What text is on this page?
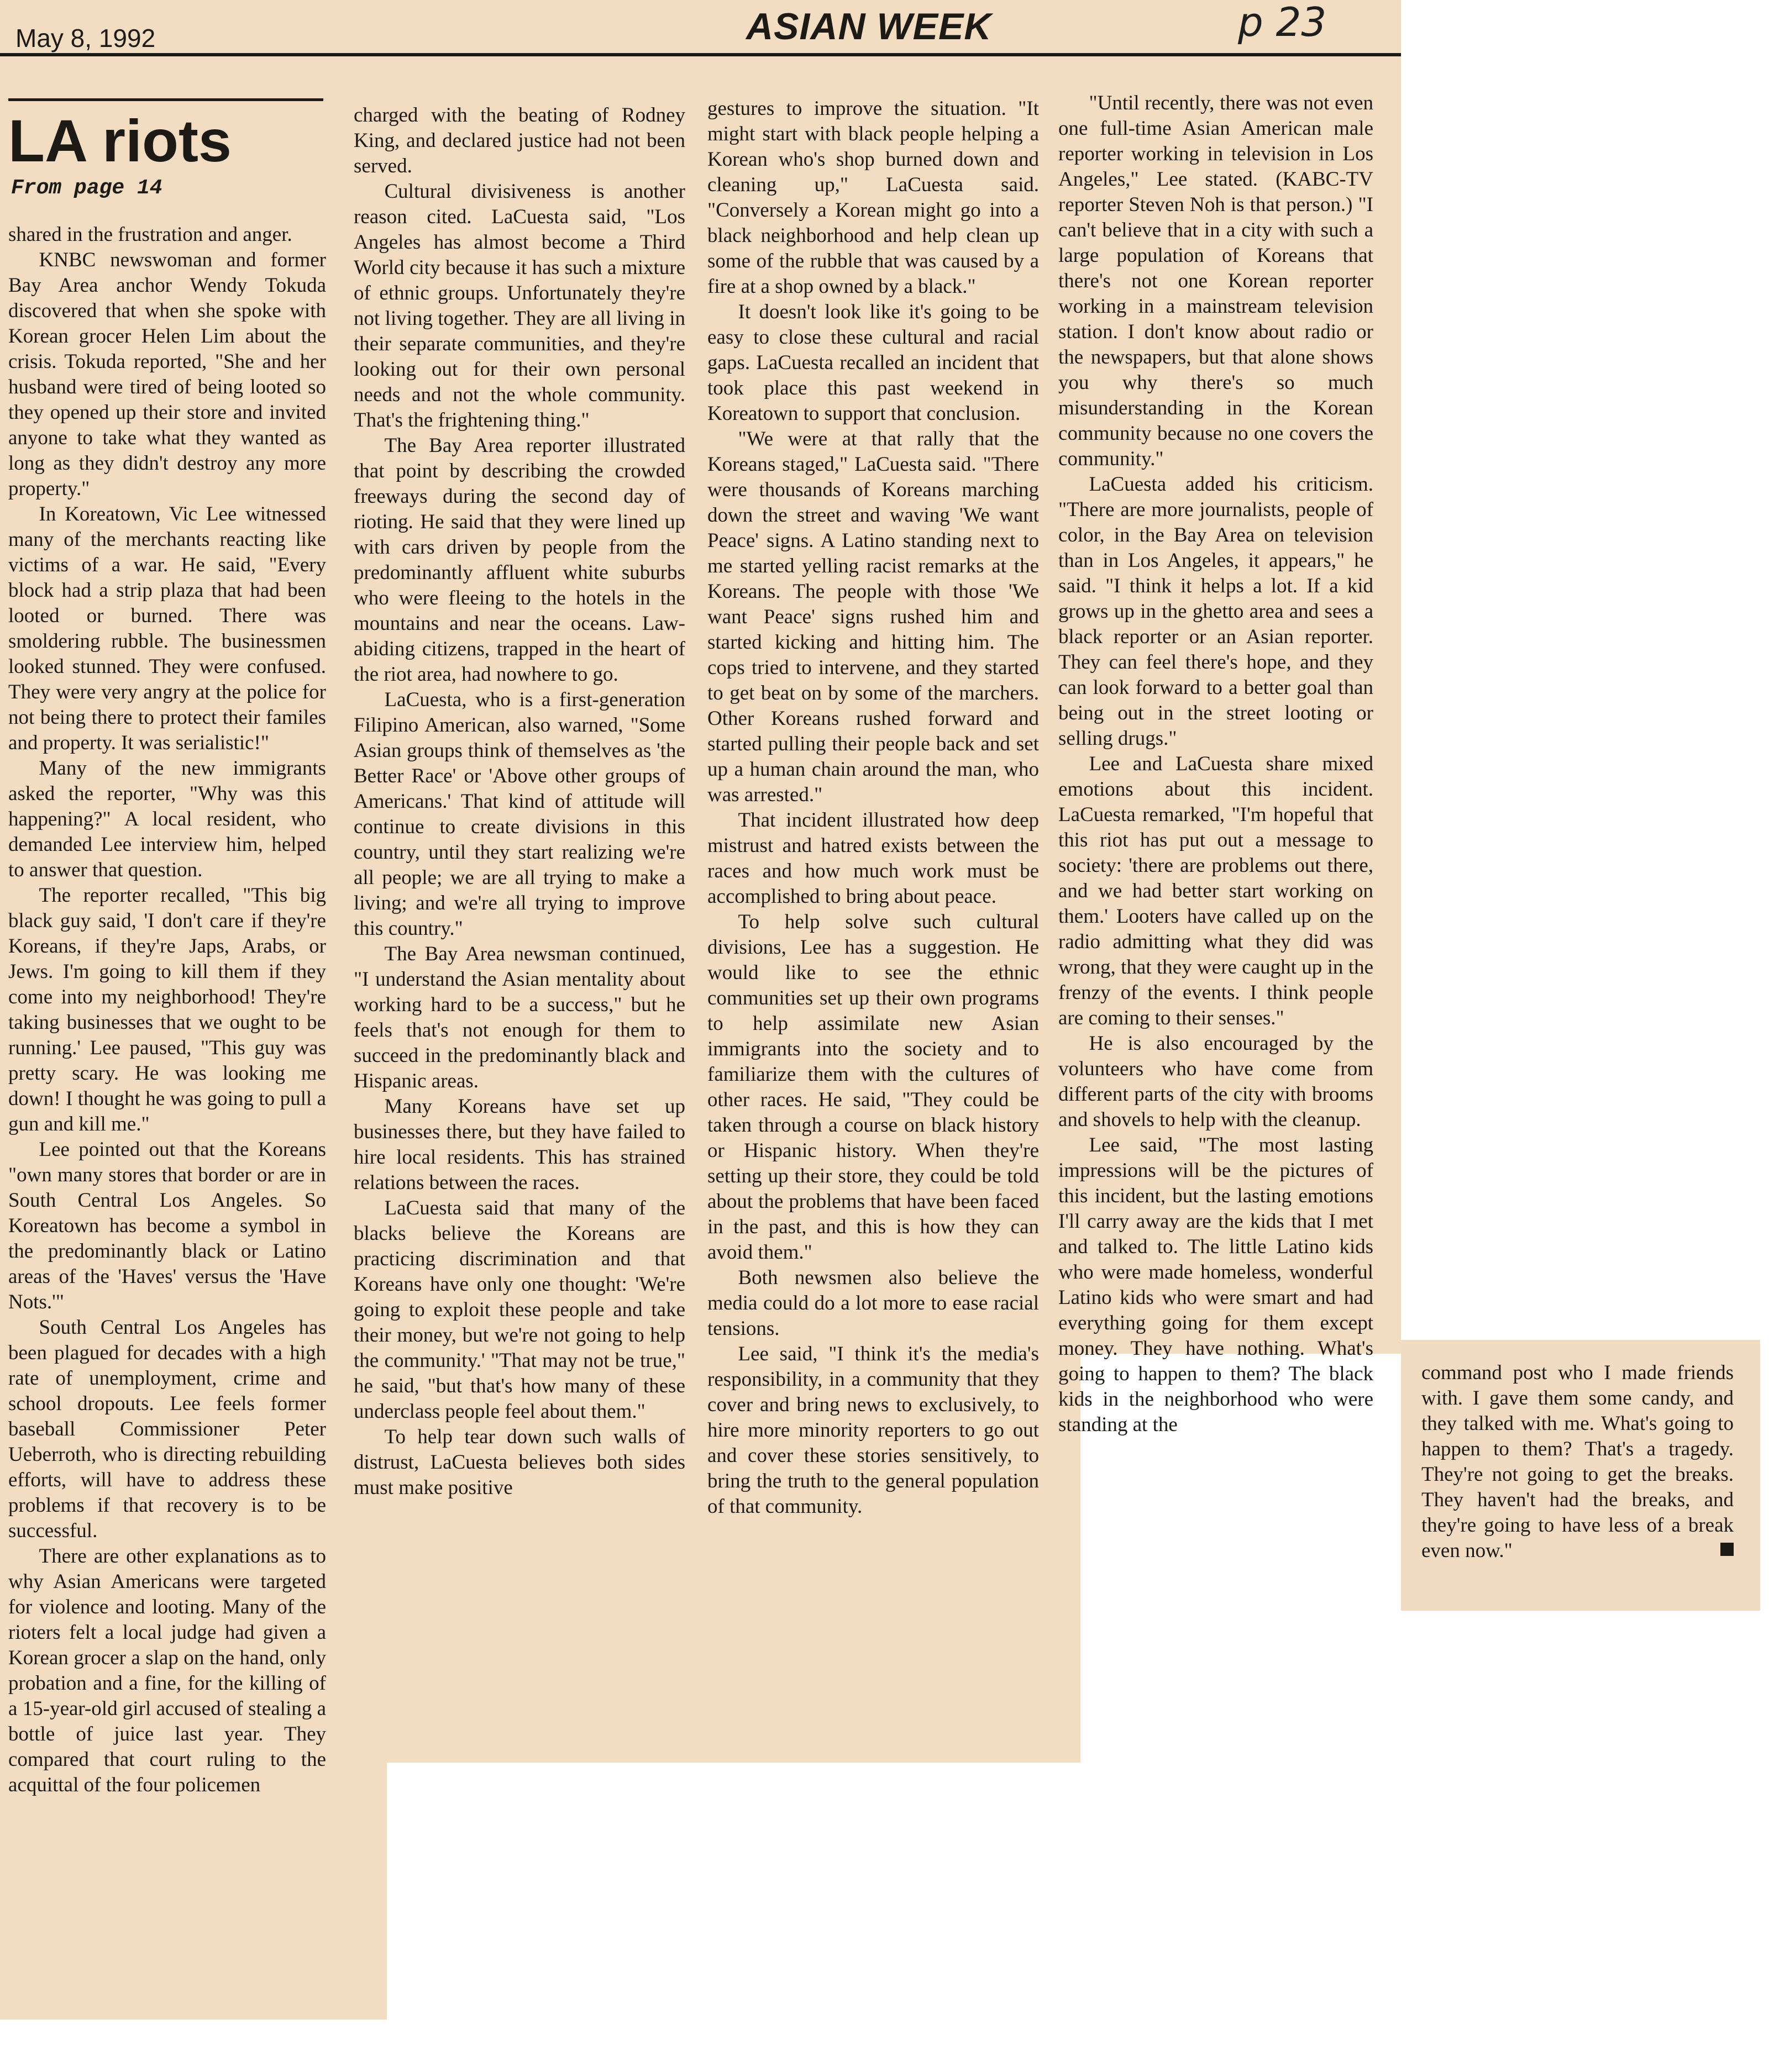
May 8, 1992	ASIAN WEEK	p 23
LA riots
From page 14

shared in the frustration and anger.

KNBC newswoman and former Bay Area anchor Wendy Tokuda discovered that when she spoke with Korean grocer Helen Lim about the crisis. Tokuda reported, "She and her husband were tired of being looted so they opened up their store and invited anyone to take what they wanted as long as they didn't destroy any more property."

In Koreatown, Vic Lee witnessed many of the merchants reacting like victims of a war. He said, "Every block had a strip plaza that had been looted or burned. There was smoldering rubble. The businessmen looked stunned. They were confused. They were very angry at the police for not being there to protect their familes and property. It was serialistic!"

Many of the new immigrants asked the reporter, "Why was this happening?" A local resident, who demanded Lee interview him, helped to answer that question.

The reporter recalled, "This big black guy said, 'I don't care if they're Koreans, if they're Japs, Arabs, or Jews. I'm going to kill them if they come into my neighborhood! They're taking businesses that we ought to be running.' Lee paused, "This guy was pretty scary. He was looking me down! I thought he was going to pull a gun and kill me."

Lee pointed out that the Koreans "own many stores that border or are in South Central Los Angeles. So Koreatown has become a symbol in the predominantly black or Latino areas of the 'Haves' versus the 'Have Nots.'"

South Central Los Angeles has been plagued for decades with a high rate of unemployment, crime and school dropouts. Lee feels former baseball Commissioner Peter Ueberroth, who is directing rebuilding efforts, will have to address these problems if that recovery is to be successful.

There are other explanations as to why Asian Americans were targeted for violence and looting. Many of the rioters felt a local judge had given a Korean grocer a slap on the hand, only probation and a fine, for the killing of a 15-year-old girl accused of stealing a bottle of juice last year. They compared that court ruling to the acquittal of the four policemen

charged with the beating of Rodney King, and declared justice had not been served.

Cultural divisiveness is another reason cited. LaCuesta said, "Los Angeles has almost become a Third World city because it has such a mixture of ethnic groups. Unfortunately they're not living together. They are all living in their separate communities, and they're looking out for their own personal needs and not the whole community. That's the frightening thing."

The Bay Area reporter illustrated that point by describing the crowded freeways during the second day of rioting. He said that they were lined up with cars driven by people from the predominantly affluent white suburbs who were fleeing to the hotels in the mountains and near the oceans. Law-abiding citizens, trapped in the heart of the riot area, had nowhere to go.

LaCuesta, who is a first-generation Filipino American, also warned, "Some Asian groups think of themselves as 'the Better Race' or 'Above other groups of Americans.' That kind of attitude will continue to create divisions in this country, until they start realizing we're all people; we are all trying to make a living; and we're all trying to improve this country."

The Bay Area newsman continued, "I understand the Asian mentality about working hard to be a success," but he feels that's not enough for them to succeed in the predominantly black and Hispanic areas.

Many Koreans have set up businesses there, but they have failed to hire local residents. This has strained relations between the races.

LaCuesta said that many of the blacks believe the Koreans are practicing discrimination and that Koreans have only one thought: 'We're going to exploit these people and take their money, but we're not going to help the community.' "That may not be true," he said, "but that's how many of these underclass people feel about them."

To help tear down such walls of distrust, LaCuesta believes both sides must make positive

gestures to improve the situation. "It might start with black people helping a Korean who's shop burned down and cleaning up," LaCuesta said. "Conversely a Korean might go into a black neighborhood and help clean up some of the rubble that was caused by a fire at a shop owned by a black."

It doesn't look like it's going to be easy to close these cultural and racial gaps. LaCuesta recalled an incident that took place this past weekend in Koreatown to support that conclusion.

"We were at that rally that the Koreans staged," LaCuesta said. "There were thousands of Koreans marching down the street and waving 'We want Peace' signs. A Latino standing next to me started yelling racist remarks at the Koreans. The people with those 'We want Peace' signs rushed him and started kicking and hitting him. The cops tried to intervene, and they started to get beat on by some of the marchers. Other Koreans rushed forward and started pulling their people back and set up a human chain around the man, who was arrested."

That incident illustrated how deep mistrust and hatred exists between the races and how much work must be accomplished to bring about peace.

To help solve such cultural divisions, Lee has a suggestion. He would like to see the ethnic communities set up their own programs to help assimilate new Asian immigrants into the society and to familiarize them with the cultures of other races. He said, "They could be taken through a course on black history or Hispanic history. When they're setting up their store, they could be told about the problems that have been faced in the past, and this is how they can avoid them."

Both newsmen also believe the media could do a lot more to ease racial tensions.

Lee said, "I think it's the media's responsibility, in a community that they cover and bring news to exclusively, to hire more minority reporters to go out and cover these stories sensitively, to bring the truth to the general population of that community.

"Until recently, there was not even one full-time Asian American male reporter working in television in Los Angeles," Lee stated. (KABC-TV reporter Steven Noh is that person.) "I can't believe that in a city with such a large population of Koreans that there's not one Korean reporter working in a mainstream television station. I don't know about radio or the newspapers, but that alone shows you why there's so much misunderstanding in the Korean community because no one covers the community."

LaCuesta added his criticism. "There are more journalists, people of color, in the Bay Area on television than in Los Angeles, it appears," he said. "I think it helps a lot. If a kid grows up in the ghetto area and sees a black reporter or an Asian reporter. They can feel there's hope, and they can look forward to a better goal than being out in the street looting or selling drugs."

Lee and LaCuesta share mixed emotions about this incident. LaCuesta remarked, "I'm hopeful that this riot has put out a message to society: 'there are problems out there, and we had better start working on them.' Looters have called up on the radio admitting what they did was wrong, that they were caught up in the frenzy of the events. I think people are coming to their senses."

He is also encouraged by the volunteers who have come from different parts of the city with brooms and shovels to help with the cleanup.

Lee said, "The most lasting impressions will be the pictures of this incident, but the lasting emotions I'll carry away are the kids that I met and talked to. The little Latino kids who were made homeless, wonderful Latino kids who were smart and had everything going for them except money. They have nothing. What's going to happen to them? The black kids in the neighborhood who were standing at the

command post who I made friends with. I gave them some candy, and they talked with me. What's going to happen to them? That's a tragedy. They're not going to get the breaks. They haven't had the breaks, and they're going to have less of a break even now."
